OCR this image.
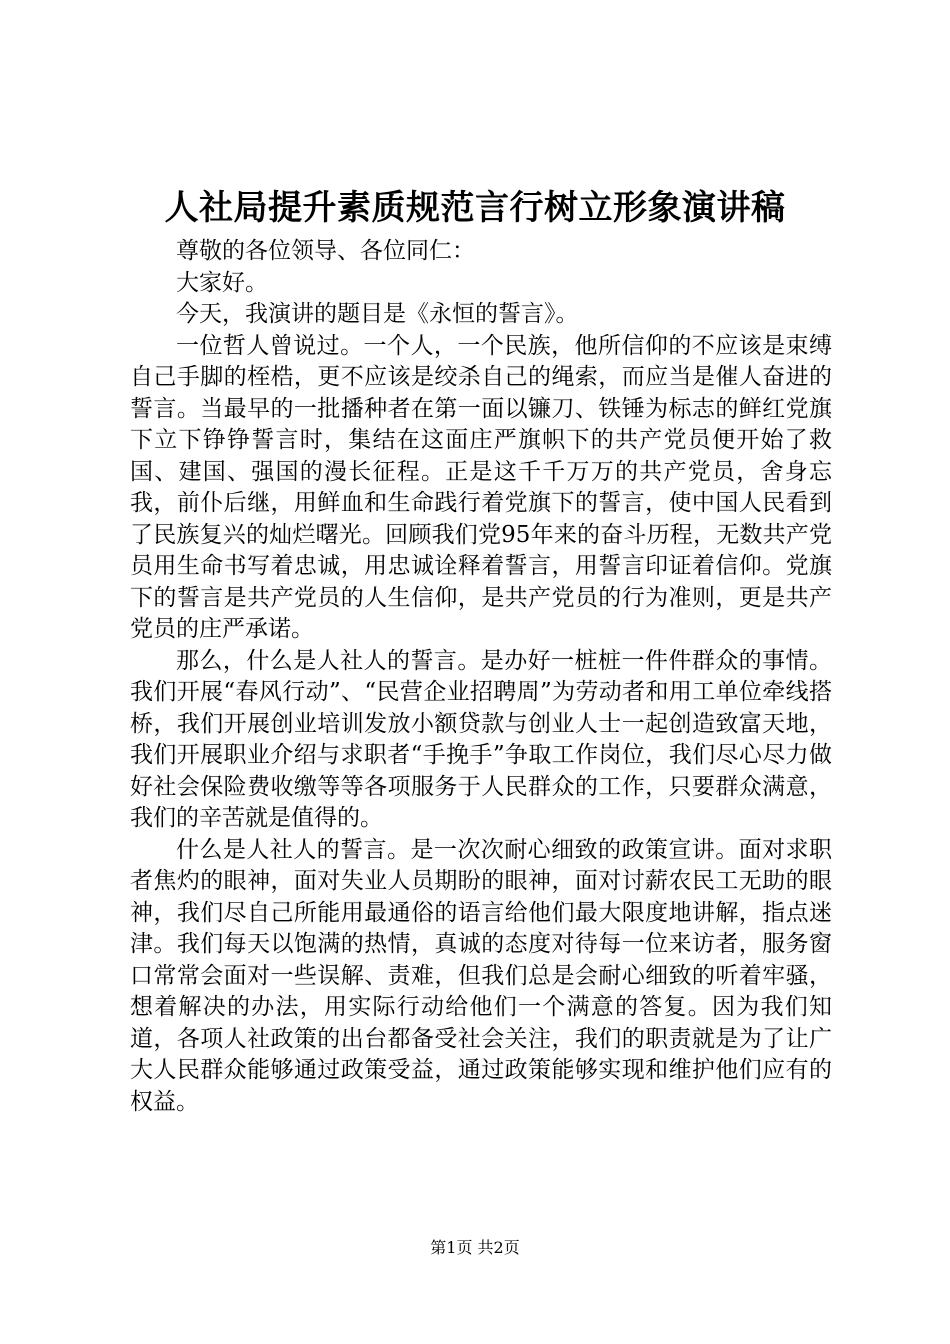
人社局提升素质规范言行树立形象演讲稿

尊敬的各位领导、各位同仁：

大家好。

今天，我演讲的题目是《永恒的誓言》。

一位哲人曾说过。一个人，一个民族，他所信仰的不应该是束缚自己手脚的桎梏，更不应该是绞杀自己的绳索，而应当是催人奋进的誓言。当最早的一批播种者在第一面以镰刀、铁锤为标志的鲜红党旗下立下铮铮誓言时，集结在这面庄严旗帜下的共产党员便开始了救国、建国、强国的漫长征程。正是这千千万万的共产党员，舍身忘我，前仆后继，用鲜血和生命践行着党旗下的誓言，使中国人民看到了民族复兴的灿烂曙光。回顾我们党95年来的奋斗历程，无数共产党员用生命书写着忠诚，用忠诚诠释着誓言，用誓言印证着信仰。党旗下的誓言是共产党员的人生信仰，是共产党员的行为准则，更是共产党员的庄严承诺。

那么，什么是人社人的誓言。是办好一桩桩一件件群众的事情。我们开展“春风行动”、“民营企业招聘周”为劳动者和用工单位牵线搭桥，我们开展创业培训发放小额贷款与创业人士一起创造致富天地，我们开展职业介绍与求职者“手挽手”争取工作岗位，我们尽心尽力做好社会保险费收缴等等各项服务于人民群众的工作，只要群众满意，我们的辛苦就是值得的。

什么是人社人的誓言。是一次次耐心细致的政策宣讲。面对求职者焦灼的眼神，面对失业人员期盼的眼神，面对讨薪农民工无助的眼神，我们尽自己所能用最通俗的语言给他们最大限度地讲解，指点迷津。我们每天以饱满的热情，真诚的态度对待每一位来访者，服务窗口常常会面对一些误解、责难，但我们总是会耐心细致的听着牢骚，想着解决的办法，用实际行动给他们一个满意的答复。因为我们知道，各项人社政策的出台都备受社会关注，我们的职责就是为了让广大人民群众能够通过政策受益，通过政策能够实现和维护他们应有的权益。

第1页 共2页
